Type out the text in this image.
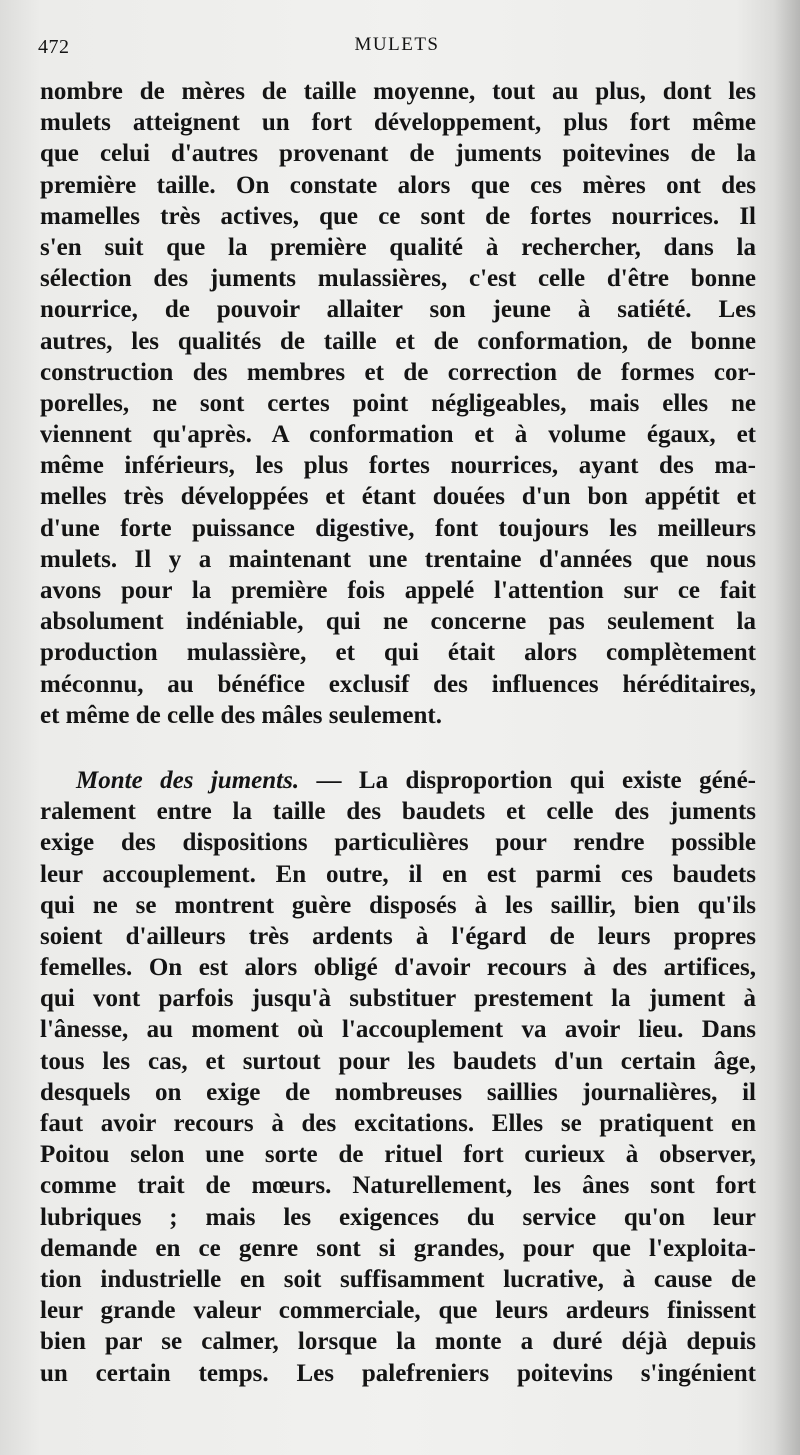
472	MULETS
nombre de mères de taille moyenne, tout au plus, dont les
mulets atteignent un fort développement, plus fort même
que celui d'autres provenant de juments poitevines de la
première taille. On constate alors que ces mères ont des
mamelles très actives, que ce sont de fortes nourrices. Il
s'en suit que la première qualité à rechercher, dans la
sélection des juments mulassières, c'est celle d'être bonne
nourrice, de pouvoir allaiter son jeune à satiété. Les
autres, les qualités de taille et de conformation, de bonne
construction des membres et de correction de formes cor-
porelles, ne sont certes point négligeables, mais elles ne
viennent qu'après. A conformation et à volume égaux, et
même inférieurs, les plus fortes nourrices, ayant des ma-
melles très développées et étant douées d'un bon appétit et
d'une forte puissance digestive, font toujours les meilleurs
mulets. Il y a maintenant une trentaine d'années que nous
avons pour la première fois appelé l'attention sur ce fait
absolument indéniable, qui ne concerne pas seulement la
production mulassière, et qui était alors complètement
méconnu, au bénéfice exclusif des influences héréditaires,
et même de celle des mâles seulement.
Monte des juments. — La disproportion qui existe géné-
ralement entre la taille des baudets et celle des juments
exige des dispositions particulières pour rendre possible
leur accouplement. En outre, il en est parmi ces baudets
qui ne se montrent guère disposés à les saillir, bien qu'ils
soient d'ailleurs très ardents à l'égard de leurs propres
femelles. On est alors obligé d'avoir recours à des artifices,
qui vont parfois jusqu'à substituer prestement la jument à
l'ânesse, au moment où l'accouplement va avoir lieu. Dans
tous les cas, et surtout pour les baudets d'un certain âge,
desquels on exige de nombreuses saillies journalières, il
faut avoir recours à des excitations. Elles se pratiquent en
Poitou selon une sorte de rituel fort curieux à observer,
comme trait de mœurs. Naturellement, les ânes sont fort
lubriques ; mais les exigences du service qu'on leur
demande en ce genre sont si grandes, pour que l'exploita-
tion industrielle en soit suffisamment lucrative, à cause de
leur grande valeur commerciale, que leurs ardeurs finissent
bien par se calmer, lorsque la monte a duré déjà depuis
un certain temps. Les palefreniers poitevins s'ingénient
